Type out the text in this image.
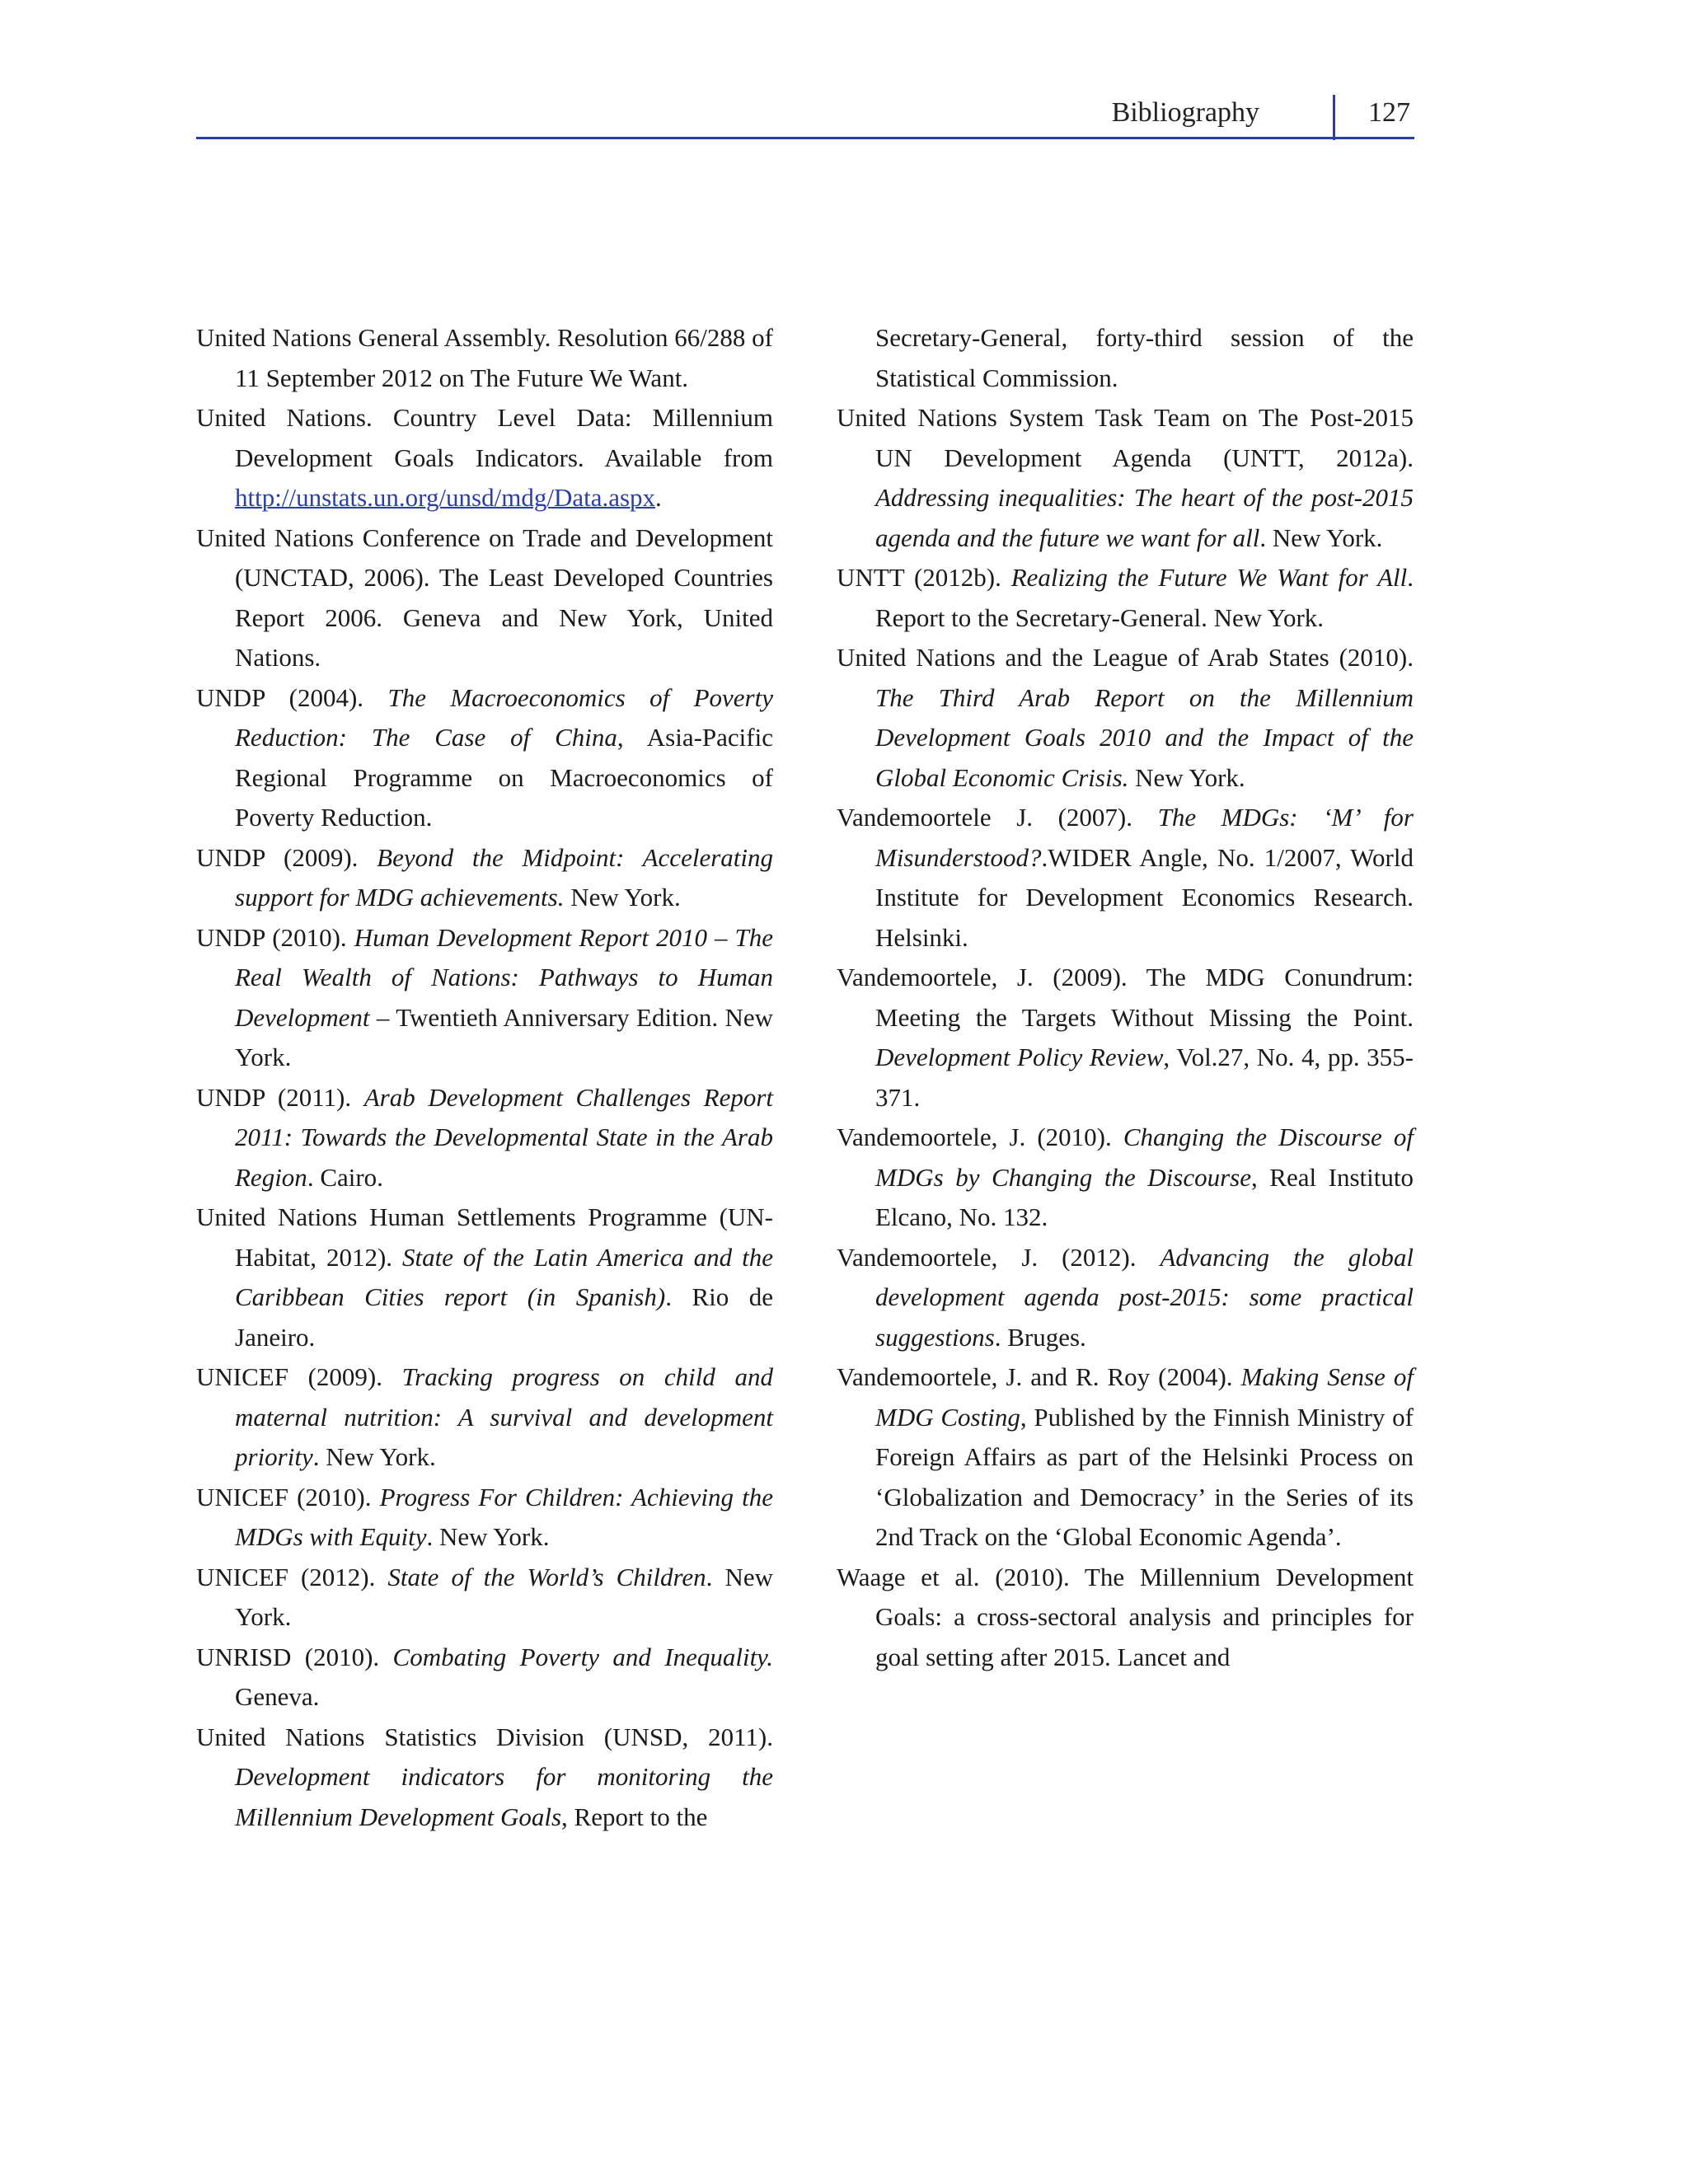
Bibliography	127

United Nations General Assembly. Resolution 66/288 of 11 September 2012 on The Future We Want.

United Nations. Country Level Data: Millennium Development Goals Indicators. Available from http://unstats.un.org/unsd/mdg/Data.aspx.

United Nations Conference on Trade and Development (UNCTAD, 2006). The Least Developed Countries Report 2006. Geneva and New York, United Nations.

UNDP (2004). The Macroeconomics of Poverty Reduction: The Case of China, Asia-Pacific Regional Programme on Macroeconomics of Poverty Reduction.

UNDP (2009). Beyond the Midpoint: Accelerating support for MDG achievements. New York.

UNDP (2010). Human Development Report 2010 – The Real Wealth of Nations: Pathways to Human Development – Twentieth Anniversary Edition. New York.

UNDP (2011). Arab Development Challenges Report 2011: Towards the Developmental State in the Arab Region. Cairo.

United Nations Human Settlements Programme (UN-Habitat, 2012). State of the Latin America and the Caribbean Cities report (in Spanish). Rio de Janeiro.

UNICEF (2009). Tracking progress on child and maternal nutrition: A survival and development priority. New York.

UNICEF (2010). Progress For Children: Achieving the MDGs with Equity. New York.

UNICEF (2012). State of the World’s Children. New York.

UNRISD (2010). Combating Poverty and Inequality. Geneva.

United Nations Statistics Division (UNSD, 2011). Development indicators for monitoring the Millennium Development Goals, Report to the

Secretary-General, forty-third session of the Statistical Commission.

United Nations System Task Team on The Post-2015 UN Development Agenda (UNTT, 2012a). Addressing inequalities: The heart of the post-2015 agenda and the future we want for all. New York.

UNTT (2012b). Realizing the Future We Want for All. Report to the Secretary-General. New York.

United Nations and the League of Arab States (2010). The Third Arab Report on the Millennium Development Goals 2010 and the Impact of the Global Economic Crisis. New York.

Vandemoortele J. (2007). The MDGs: ‘M’ for Misunderstood?.WIDER Angle, No. 1/2007, World Institute for Development Economics Research. Helsinki.

Vandemoortele, J. (2009). The MDG Conundrum: Meeting the Targets Without Missing the Point. Development Policy Review, Vol.27, No. 4, pp. 355-371.

Vandemoortele, J. (2010). Changing the Discourse of MDGs by Changing the Discourse, Real Instituto Elcano, No. 132.

Vandemoortele, J. (2012). Advancing the global development agenda post-2015: some practical suggestions. Bruges.

Vandemoortele, J. and R. Roy (2004). Making Sense of MDG Costing, Published by the Finnish Ministry of Foreign Affairs as part of the Helsinki Process on ‘Globalization and Democracy’ in the Series of its 2nd Track on the ‘Global Economic Agenda’.

Waage et al. (2010). The Millennium Development Goals: a cross-sectoral analysis and principles for goal setting after 2015. Lancet and
